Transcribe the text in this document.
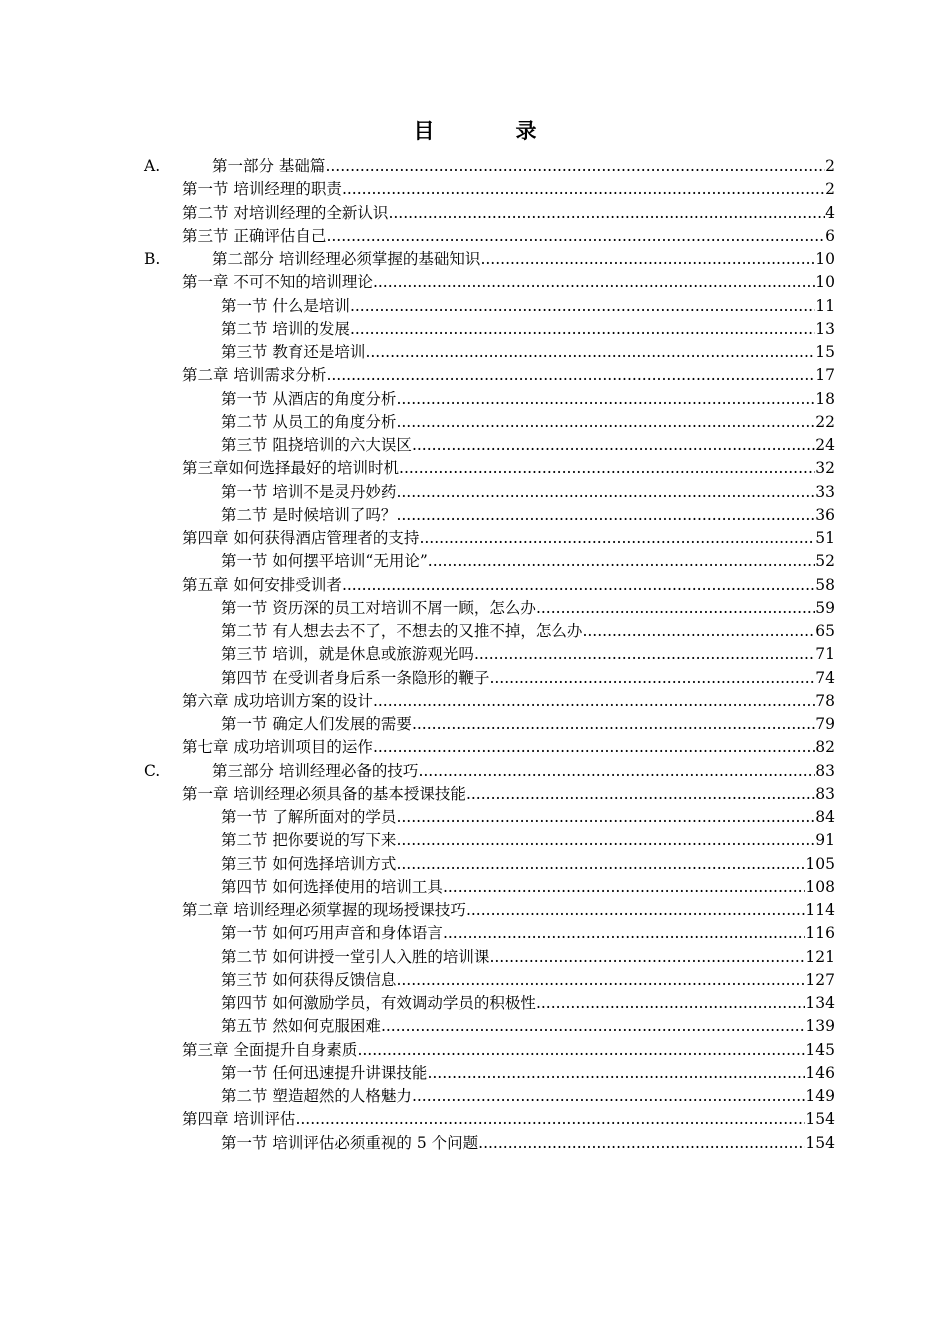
目　录
A.	第一部分 基础篇 .....	2
第一节 培训经理的职责 .....	2
第二节 对培训经理的全新认识 .....	4
第三节 正确评估自己 .....	6
B.	第二部分 培训经理必须掌握的基础知识 .....	10
第一章 不可不知的培训理论 .....	10
第一节 什么是培训 .....	11
第二节 培训的发展 .....	13
第三节 教育还是培训 .....	15
第二章 培训需求分析 .....	17
第一节 从酒店的角度分析 .....	18
第二节 从员工的角度分析 .....	22
第三节 阻挠培训的六大误区 .....	24
第三章如何选择最好的培训时机 .....	32
第一节 培训不是灵丹妙药 .....	33
第二节 是时候培训了吗？ .....	36
第四章 如何获得酒店管理者的支持 .....	51
第一节 如何摆平培训“无用论” .....	52
第五章 如何安排受训者 .....	58
第一节 资历深的员工对培训不屑一顾，怎么办 .....	59
第二节 有人想去去不了，不想去的又推不掉，怎么办 .....	65
第三节 培训，就是休息或旅游观光吗 .....	71
第四节 在受训者身后系一条隐形的鞭子 .....	74
第六章 成功培训方案的设计 .....	78
第一节 确定人们发展的需要 .....	79
第七章 成功培训项目的运作 .....	82
C.	第三部分 培训经理必备的技巧 .....	83
第一章 培训经理必须具备的基本授课技能 .....	83
第一节 了解所面对的学员 .....	84
第二节 把你要说的写下来 .....	91
第三节 如何选择培训方式 .....	105
第四节 如何选择使用的培训工具 .....	108
第二章 培训经理必须掌握的现场授课技巧 .....	114
第一节 如何巧用声音和身体语言 .....	116
第二节 如何讲授一堂引人入胜的培训课 .....	121
第三节 如何获得反馈信息 .....	127
第四节 如何激励学员，有效调动学员的积极性 .....	134
第五节 然如何克服困难 .....	139
第三章 全面提升自身素质 .....	145
第一节 任何迅速提升讲课技能 .....	146
第二节 塑造超然的人格魅力 .....	149
第四章 培训评估 .....	154
第一节 培训评估必须重视的 5 个问题 .....	154
